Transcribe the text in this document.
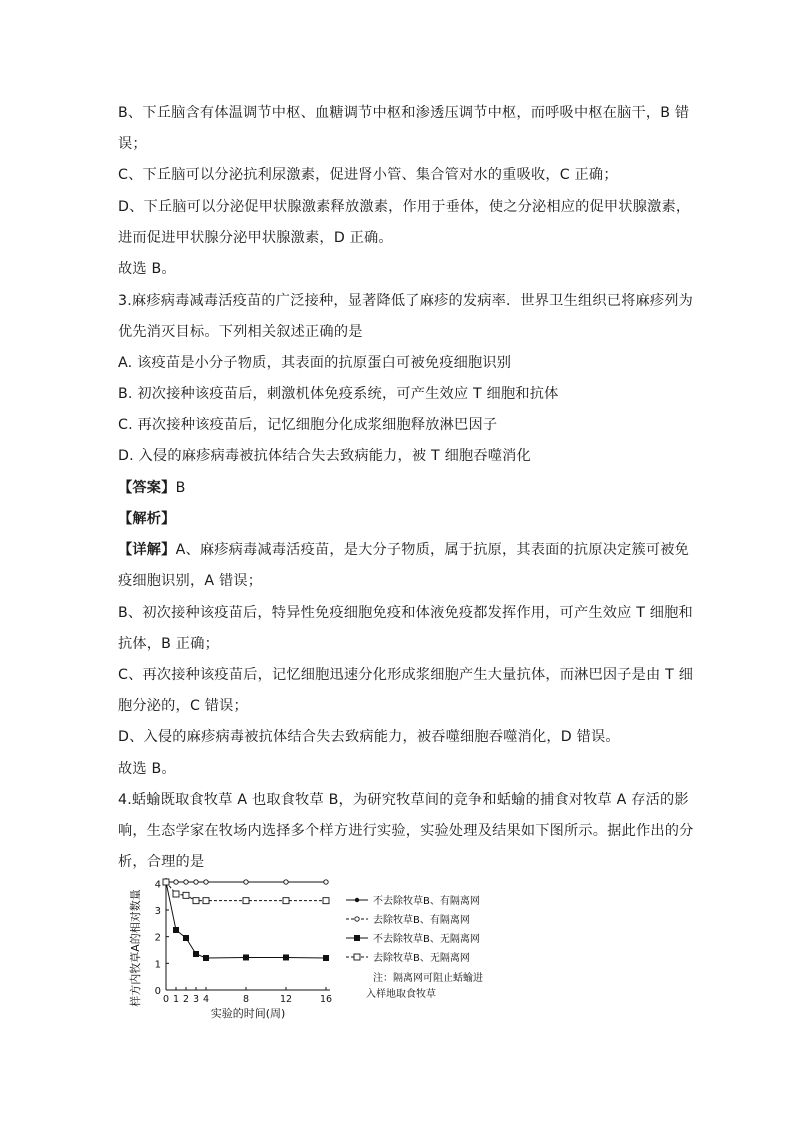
B、下丘脑含有体温调节中枢、血糖调节中枢和渗透压调节中枢，而呼吸中枢在脑干，B 错
误；
C、下丘脑可以分泌抗利尿激素，促进肾小管、集合管对水的重吸收，C 正确；
D、下丘脑可以分泌促甲状腺激素释放激素，作用于垂体，使之分泌相应的促甲状腺激素，
进而促进甲状腺分泌甲状腺激素，D 正确。
故选 B。
3.麻疹病毒减毒活疫苗的广泛接种，显著降低了麻疹的发病率．世界卫生组织已将麻疹列为
优先消灭目标。下列相关叙述正确的是
A. 该疫苗是小分子物质，其表面的抗原蛋白可被免疫细胞识别
B. 初次接种该疫苗后，刺激机体免疫系统，可产生效应 T 细胞和抗体
C. 再次接种该疫苗后，记忆细胞分化成浆细胞释放淋巴因子
D. 入侵的麻疹病毒被抗体结合失去致病能力，被 T 细胞吞噬消化
【答案】B
【解析】
【详解】A、麻疹病毒减毒活疫苗，是大分子物质，属于抗原，其表面的抗原决定簇可被免
疫细胞识别，A 错误；
B、初次接种该疫苗后，特异性免疫细胞免疫和体液免疫都发挥作用，可产生效应 T 细胞和
抗体，B 正确；
C、再次接种该疫苗后，记忆细胞迅速分化形成浆细胞产生大量抗体，而淋巴因子是由 T 细
胞分泌的，C 错误；
D、入侵的麻疹病毒被抗体结合失去致病能力，被吞噬细胞吞噬消化，D 错误。
故选 B。
4.蛞蝓既取食牧草 A 也取食牧草 B，为研究牧草间的竞争和蛞蝓的捕食对牧草 A 存活的影
响，生态学家在牧场内选择多个样方进行实验，实验处理及结果如下图所示。据此作出的分
析，合理的是
0
1
2
3
4
0 1 2 3 4	8	12	16
实验的时间(周)
样方内牧草A的相对数量	不去除牧草B、有隔离网
去除牧草B、有隔离网
不去除牧草B、无隔离网
去除牧草B、无隔离网
注：隔离网可阻止蛞蝓进
入样地取食牧草
